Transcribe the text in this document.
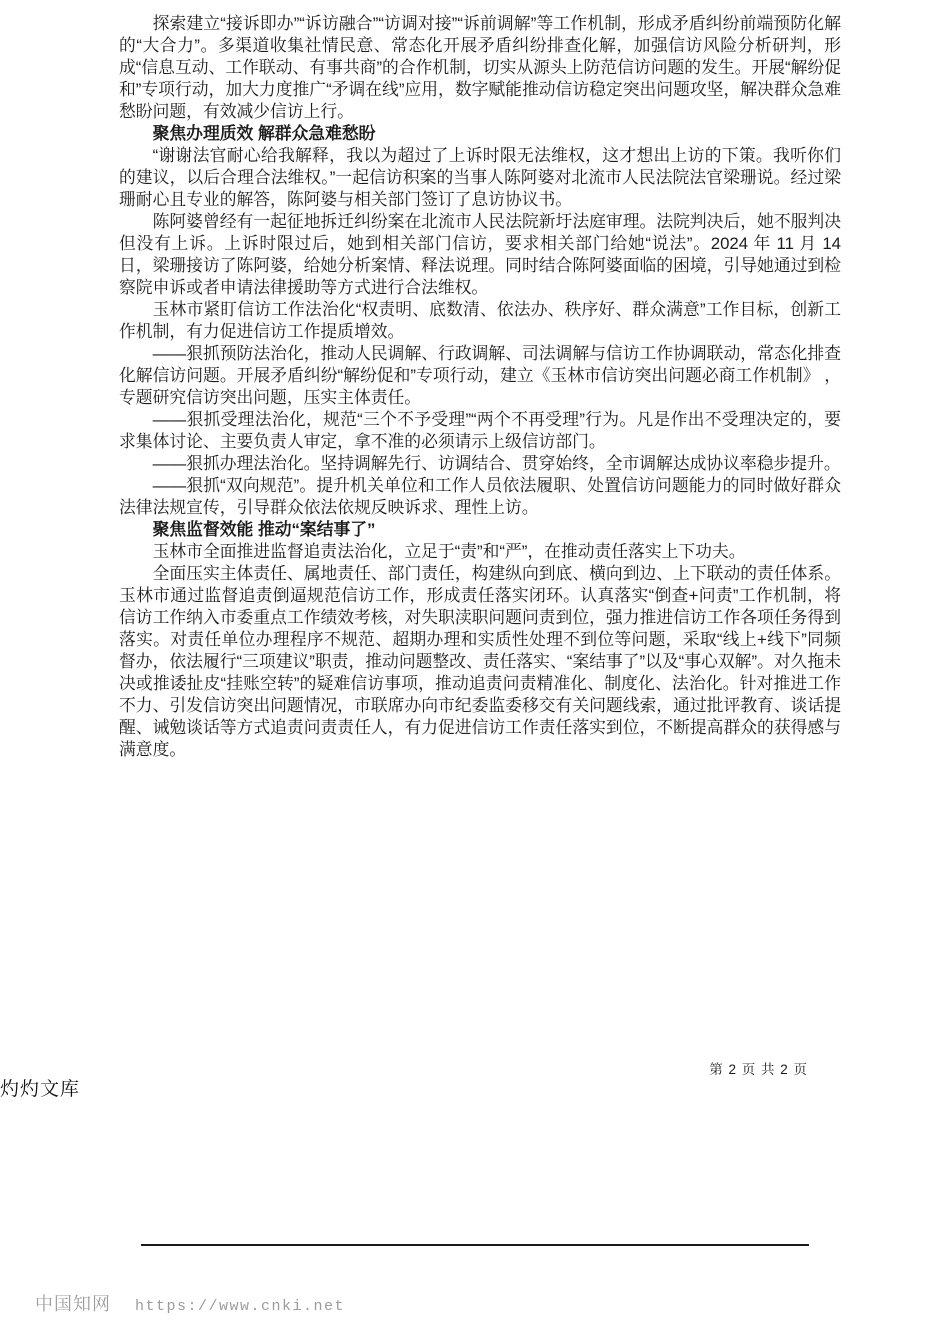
探索建立“接诉即办”“诉访融合”“访调对接”“诉前调解”等工作机制，形成矛盾纠纷前端预防化解的“大合力”。多渠道收集社情民意、常态化开展矛盾纠纷排查化解，加强信访风险分析研判，形成“信息互动、工作联动、有事共商”的合作机制，切实从源头上防范信访问题的发生。开展“解纷促和”专项行动，加大力度推广“矛调在线”应用，数字赋能推动信访稳定突出问题攻坚，解决群众急难愁盼问题，有效减少信访上行。

聚焦办理质效 解群众急难愁盼

“谢谢法官耐心给我解释，我以为超过了上诉时限无法维权，这才想出上访的下策。我听你们的建议，以后合理合法维权。”一起信访积案的当事人陈阿婆对北流市人民法院法官梁珊说。经过梁珊耐心且专业的解答，陈阿婆与相关部门签订了息访协议书。

陈阿婆曾经有一起征地拆迁纠纷案在北流市人民法院新圩法庭审理。法院判决后，她不服判决但没有上诉。上诉时限过后，她到相关部门信访，要求相关部门给她“说法”。2024 年 11 月 14 日，梁珊接访了陈阿婆，给她分析案情、释法说理。同时结合陈阿婆面临的困境，引导她通过到检察院申诉或者申请法律援助等方式进行合法维权。

玉林市紧盯信访工作法治化“权责明、底数清、依法办、秩序好、群众满意”工作目标，创新工作机制，有力促进信访工作提质增效。

——狠抓预防法治化，推动人民调解、行政调解、司法调解与信访工作协调联动，常态化排查化解信访问题。开展矛盾纠纷“解纷促和”专项行动，建立《玉林市信访突出问题必商工作机制》 ，专题研究信访突出问题，压实主体责任。

——狠抓受理法治化，规范“三个不予受理”“两个不再受理”行为。凡是作出不受理决定的，要求集体讨论、主要负责人审定，拿不准的必须请示上级信访部门。

——狠抓办理法治化。坚持调解先行、访调结合、贯穿始终，全市调解达成协议率稳步提升。

——狠抓“双向规范”。提升机关单位和工作人员依法履职、处置信访问题能力的同时做好群众法律法规宣传，引导群众依法依规反映诉求、理性上访。

聚焦监督效能 推动“案结事了”

玉林市全面推进监督追责法治化，立足于“责”和“严”，在推动责任落实上下功夫。

全面压实主体责任、属地责任、部门责任，构建纵向到底、横向到边、上下联动的责任体系。玉林市通过监督追责倒逼规范信访工作，形成责任落实闭环。认真落实“倒查+问责”工作机制，将信访工作纳入市委重点工作绩效考核，对失职渎职问题问责到位，强力推进信访工作各项任务得到落实。对责任单位办理程序不规范、超期办理和实质性处理不到位等问题，采取“线上+线下”同频督办，依法履行“三项建议”职责，推动问题整改、责任落实、“案结事了”以及“事心双解”。对久拖未决或推诿扯皮“挂账空转”的疑难信访事项，推动追责问责精准化、制度化、法治化。针对推进工作不力、引发信访突出问题情况，市联席办向市纪委监委移交有关问题线索，通过批评教育、谈话提醒、诫勉谈话等方式追责问责责任人，有力促进信访工作责任落实到位，不断提高群众的获得感与满意度。

第 2 页 共 2 页
灼灼文库
中国知网 https://www.cnki.net
